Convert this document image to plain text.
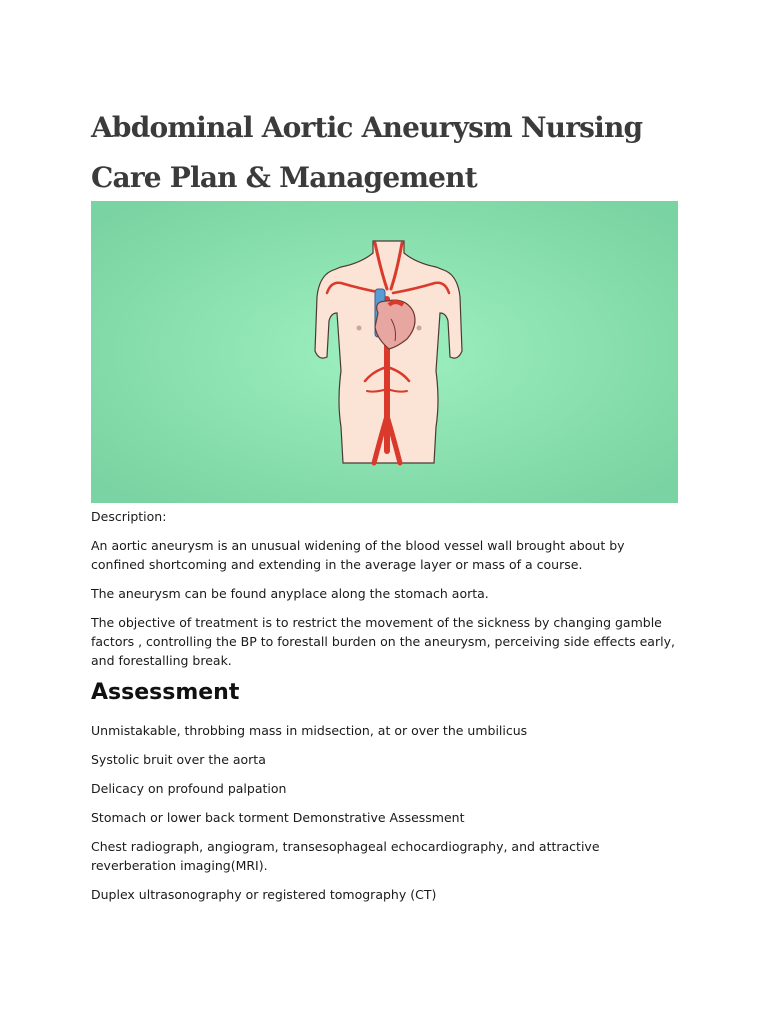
Abdominal Aortic Aneurysm Nursing Care Plan & Management

Description:

An aortic aneurysm is an unusual widening of the blood vessel wall brought about by confined shortcoming and extending in the average layer or mass of a course.

The aneurysm can be found anyplace along the stomach aorta.

The objective of treatment is to restrict the movement of the sickness by changing gamble factors , controlling the BP to forestall burden on the aneurysm, perceiving side effects early, and forestalling break.

Assessment

Unmistakable, throbbing mass in midsection, at or over the umbilicus

Systolic bruit over the aorta

Delicacy on profound palpation

Stomach or lower back torment Demonstrative Assessment

Chest radiograph, angiogram, transesophageal echocardiography, and attractive reverberation imaging(MRI).

Duplex ultrasonography or registered tomography (CT)
